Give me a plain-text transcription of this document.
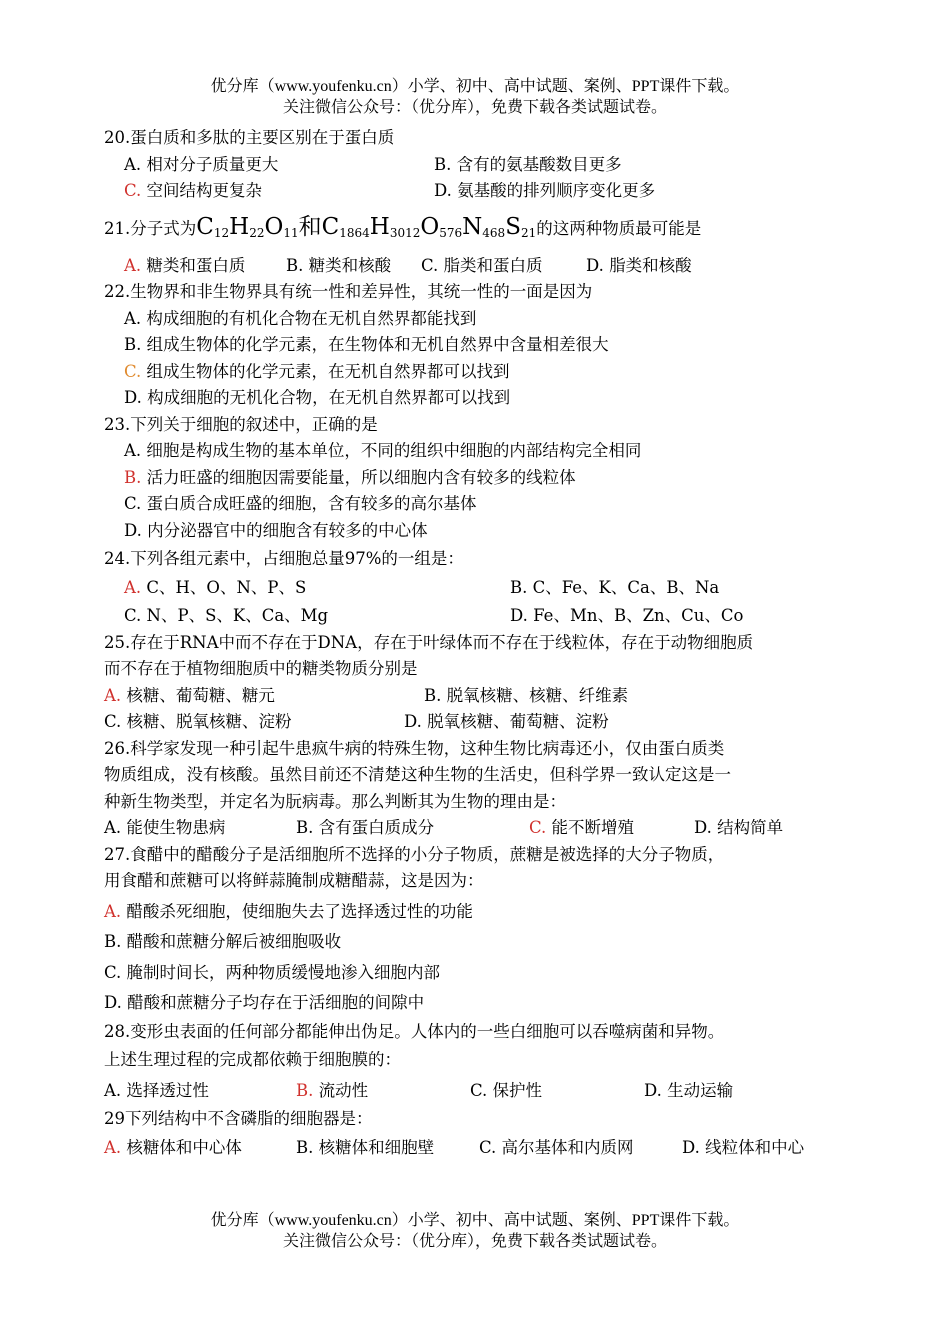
优分库（www.youfenku.cn）小学、初中、高中试题、案例、PPT课件下载。
关注微信公众号：（优分库），免费下载各类试题试卷。
20.蛋白质和多肽的主要区别在于蛋白质
A. 相对分子质量更大	B. 含有的氨基酸数目更多
C. 空间结构更复杂	D. 氨基酸的排列顺序变化更多
21.分子式为$C_{12}H_{22}O_{11}$和$C_{1864}H_{3012}O_{576}N_{468}S_{21}$的这两种物质最可能是
A. 糖类和蛋白质 B. 糖类和核酸 C. 脂类和蛋白质	D. 脂类和核酸
22.生物界和非生物界具有统一性和差异性，其统一性的一面是因为
A. 构成细胞的有机化合物在无机自然界都能找到
B. 组成生物体的化学元素，在生物体和无机自然界中含量相差很大
C. 组成生物体的化学元素，在无机自然界都可以找到
D. 构成细胞的无机化合物，在无机自然界都可以找到
23.下列关于细胞的叙述中，正确的是
A. 细胞是构成生物的基本单位，不同的组织中细胞的内部结构完全相同
B. 活力旺盛的细胞因需要能量，所以细胞内含有较多的线粒体
C. 蛋白质合成旺盛的细胞，含有较多的高尔基体
D. 内分泌器官中的细胞含有较多的中心体
24.下列各组元素中，占细胞总量97%的一组是：
A. C、H、O、N、P、S	B. C、Fe、K、Ca、B、Na
C. N、P、S、K、Ca、Mg	D. Fe、Mn、B、Zn、Cu、Co
25.存在于RNA中而不存在于DNA，存在于叶绿体而不存在于线粒体，存在于动物细胞质
而不存在于植物细胞质中的糖类物质分别是
A. 核糖、葡萄糖、糖元	B. 脱氧核糖、核糖、纤维素
C. 核糖、脱氧核糖、淀粉	D. 脱氧核糖、葡萄糖、淀粉
26.科学家发现一种引起牛患疯牛病的特殊生物，这种生物比病毒还小，仅由蛋白质类
物质组成，没有核酸。虽然目前还不清楚这种生物的生活史，但科学界一致认定这是一
种新生物类型，并定名为朊病毒。那么判断其为生物的理由是：
A. 能使生物患病	B. 含有蛋白质成分	C. 能不断增殖	D. 结构简单
27.食醋中的醋酸分子是活细胞所不选择的小分子物质，蔗糖是被选择的大分子物质，
用食醋和蔗糖可以将鲜蒜腌制成糖醋蒜，这是因为：
A. 醋酸杀死细胞，使细胞失去了选择透过性的功能
B. 醋酸和蔗糖分解后被细胞吸收
C. 腌制时间长，两种物质缓慢地渗入细胞内部
D. 醋酸和蔗糖分子均存在于活细胞的间隙中
28.变形虫表面的任何部分都能伸出伪足。人体内的一些白细胞可以吞噬病菌和异物。
上述生理过程的完成都依赖于细胞膜的：
A. 选择透过性	B. 流动性	C. 保护性	D. 生动运输
29下列结构中不含磷脂的细胞器是：
A. 核糖体和中心体	B. 核糖体和细胞壁	C. 高尔基体和内质网	D. 线粒体和中心
优分库（www.youfenku.cn）小学、初中、高中试题、案例、PPT课件下载。
关注微信公众号：（优分库），免费下载各类试题试卷。
